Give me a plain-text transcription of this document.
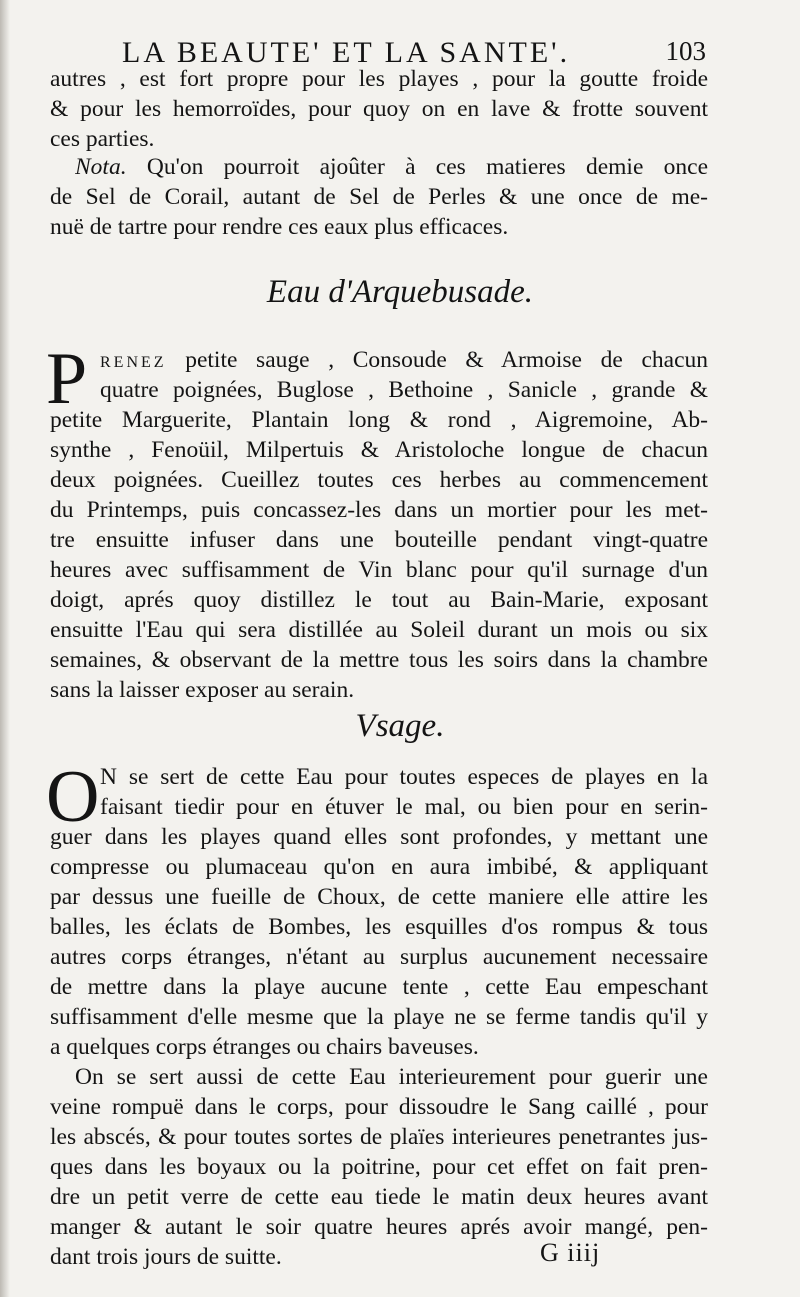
LA BEAUTE' ET LA SANTE'.	103
autres , est fort propre pour les playes , pour la goutte froide
& pour les hemorroïdes, pour quoy on en lave & frotte souvent
ces parties.
Nota. Qu'on pourroit ajoûter à ces matieres demie once
de Sel de Corail, autant de Sel de Perles & une once de me-
nuë de tartre pour rendre ces eaux plus efficaces.
Eau d'Arquebusade.
P renez petite sauge , Consoude & Armoise de chacun
quatre poignées, Buglose , Bethoine , Sanicle , grande &
petite Marguerite, Plantain long & rond , Aigremoine, Ab-
synthe , Fenoüil, Milpertuis & Aristoloche longue de chacun
deux poignées. Cueillez toutes ces herbes au commencement
du Printemps, puis concassez-les dans un mortier pour les met-
tre ensuitte infuser dans une bouteille pendant vingt-quatre
heures avec suffisamment de Vin blanc pour qu'il surnage d'un
doigt, aprés quoy distillez le tout au Bain-Marie, exposant
ensuitte l'Eau qui sera distillée au Soleil durant un mois ou six
semaines, & observant de la mettre tous les soirs dans la chambre
sans la laisser exposer au serain.
Vsage.
O N se sert de cette Eau pour toutes especes de playes en la
faisant tiedir pour en étuver le mal, ou bien pour en serin-
guer dans les playes quand elles sont profondes, y mettant une
compresse ou plumaceau qu'on en aura imbibé, & appliquant
par dessus une fueille de Choux, de cette maniere elle attire les
balles, les éclats de Bombes, les esquilles d'os rompus & tous
autres corps étranges, n'étant au surplus aucunement necessaire
de mettre dans la playe aucune tente , cette Eau empeschant
suffisamment d'elle mesme que la playe ne se ferme tandis qu'il y
a quelques corps étranges ou chairs baveuses.
On se sert aussi de cette Eau interieurement pour guerir une
veine rompuë dans le corps, pour dissoudre le Sang caillé , pour
les abscés, & pour toutes sortes de plaïes interieures penetrantes jus-
ques dans les boyaux ou la poitrine, pour cet effet on fait pren-
dre un petit verre de cette eau tiede le matin deux heures avant
manger & autant le soir quatre heures aprés avoir mangé, pen-
dant trois jours de suitte.	G iiij
